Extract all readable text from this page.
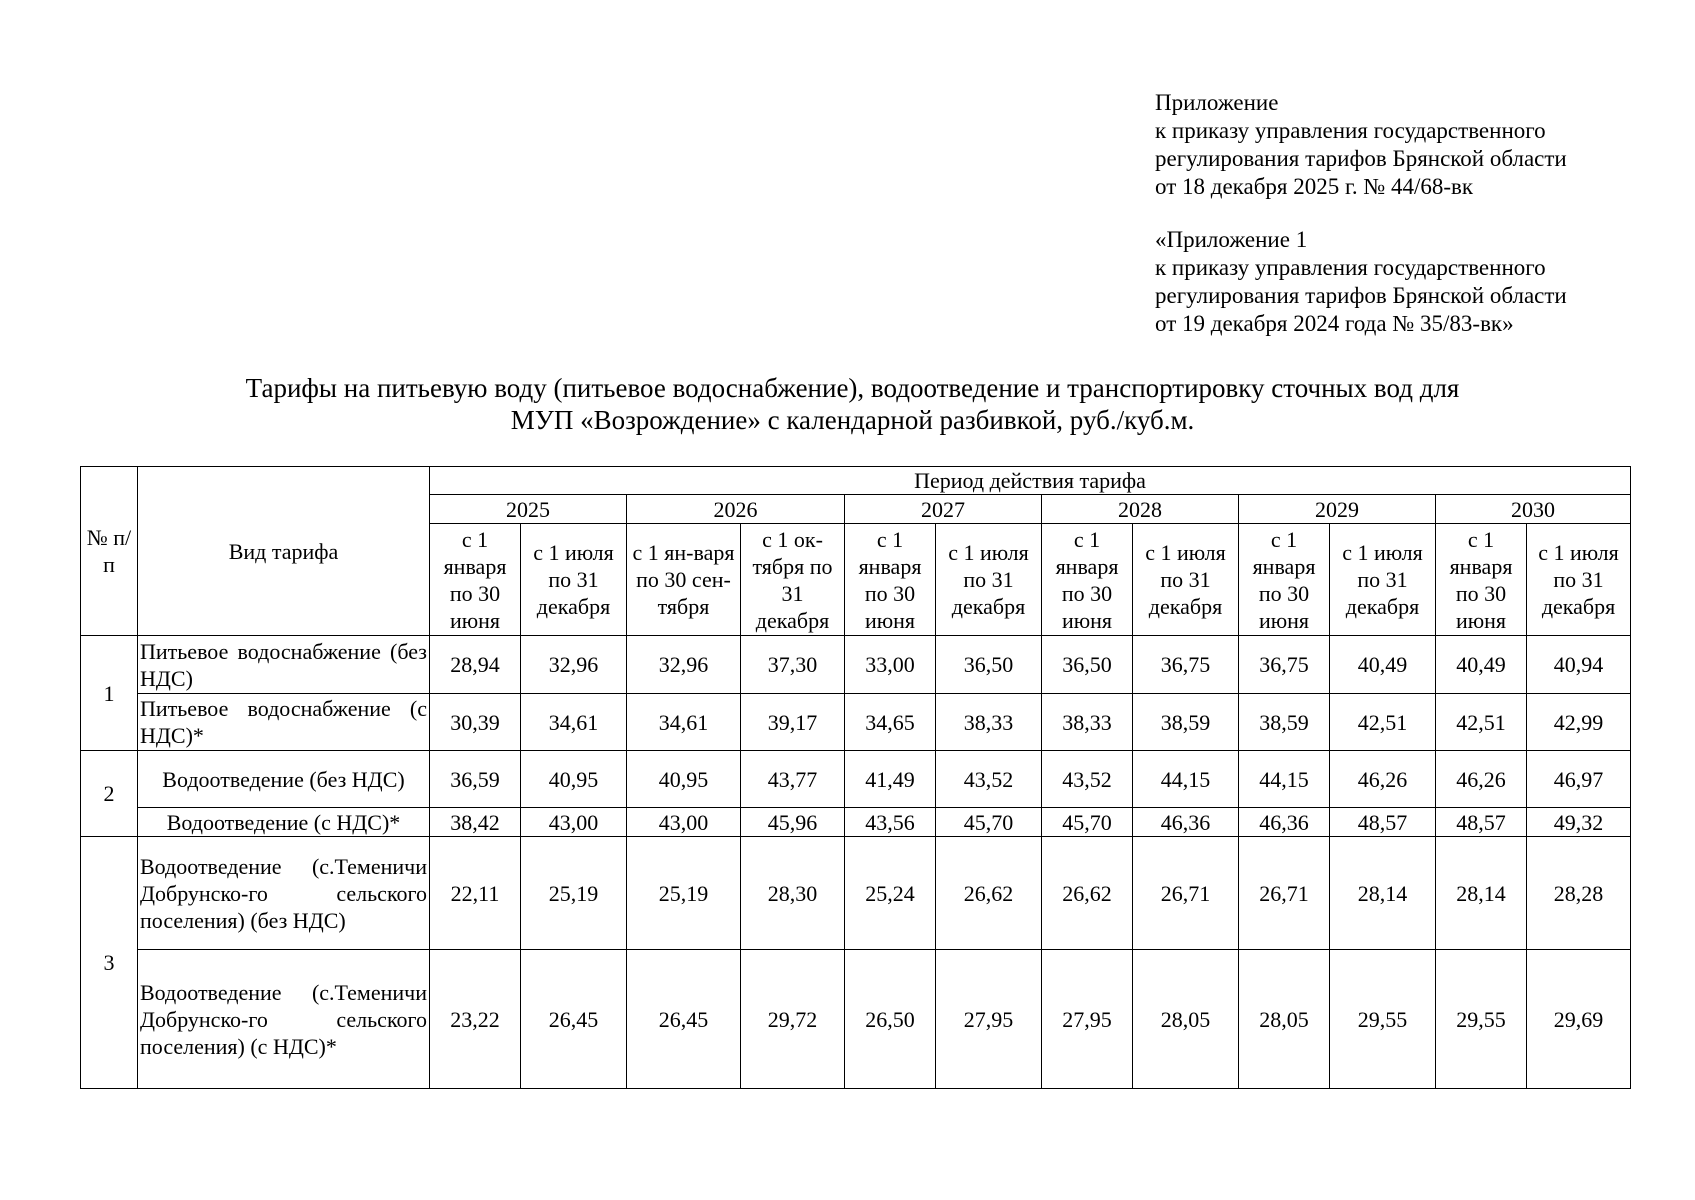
Приложение
к приказу управления государственного
регулирования тарифов Брянской области
от 18 декабря 2025 г. № 44/68-вк
«Приложение 1
к приказу управления государственного
регулирования тарифов Брянской области
от 19 декабря 2024 года № 35/83-вк»
Тарифы на питьевую воду (питьевое водоснабжение), водоотведение и транспортировку сточных вод для
МУП «Возрождение» с календарной разбивкой, руб./куб.м.
№ п/п	Вид тарифа	Период действия тарифа											
		2025		2026		2027		2028		2029		2030	
		с 1 января по 30 июня	с 1 июля по 31 декабря	с 1 ян-варя по 30 сен-тября	с 1 ок-тября по 31 декабря	с 1 января по 30 июня	с 1 июля по 31 декабря	с 1 января по 30 июня	с 1 июля по 31 декабря	с 1 января по 30 июня	с 1 июля по 31 декабря	с 1 января по 30 июня	с 1 июля по 31 декабря
1	Питьевое водоснабжение (без НДС)	28,94	32,96	32,96	37,30	33,00	36,50	36,50	36,75	36,75	40,49	40,49	40,94
	Питьевое водоснабжение (с НДС)*	30,39	34,61	34,61	39,17	34,65	38,33	38,33	38,59	38,59	42,51	42,51	42,99
2	Водоотведение (без НДС)	36,59	40,95	40,95	43,77	41,49	43,52	43,52	44,15	44,15	46,26	46,26	46,97
	Водоотведение (с НДС)*	38,42	43,00	43,00	45,96	43,56	45,70	45,70	46,36	46,36	48,57	48,57	49,32
3	Водоотведение (с.Теменичи Добрунско-го сельского поселения) (без НДС)	22,11	25,19	25,19	28,30	25,24	26,62	26,62	26,71	26,71	28,14	28,14	28,28
	Водоотведение (с.Теменичи Добрунско-го сельского поселения) (с НДС)*	23,22	26,45	26,45	29,72	26,50	27,95	27,95	28,05	28,05	29,55	29,55	29,69
